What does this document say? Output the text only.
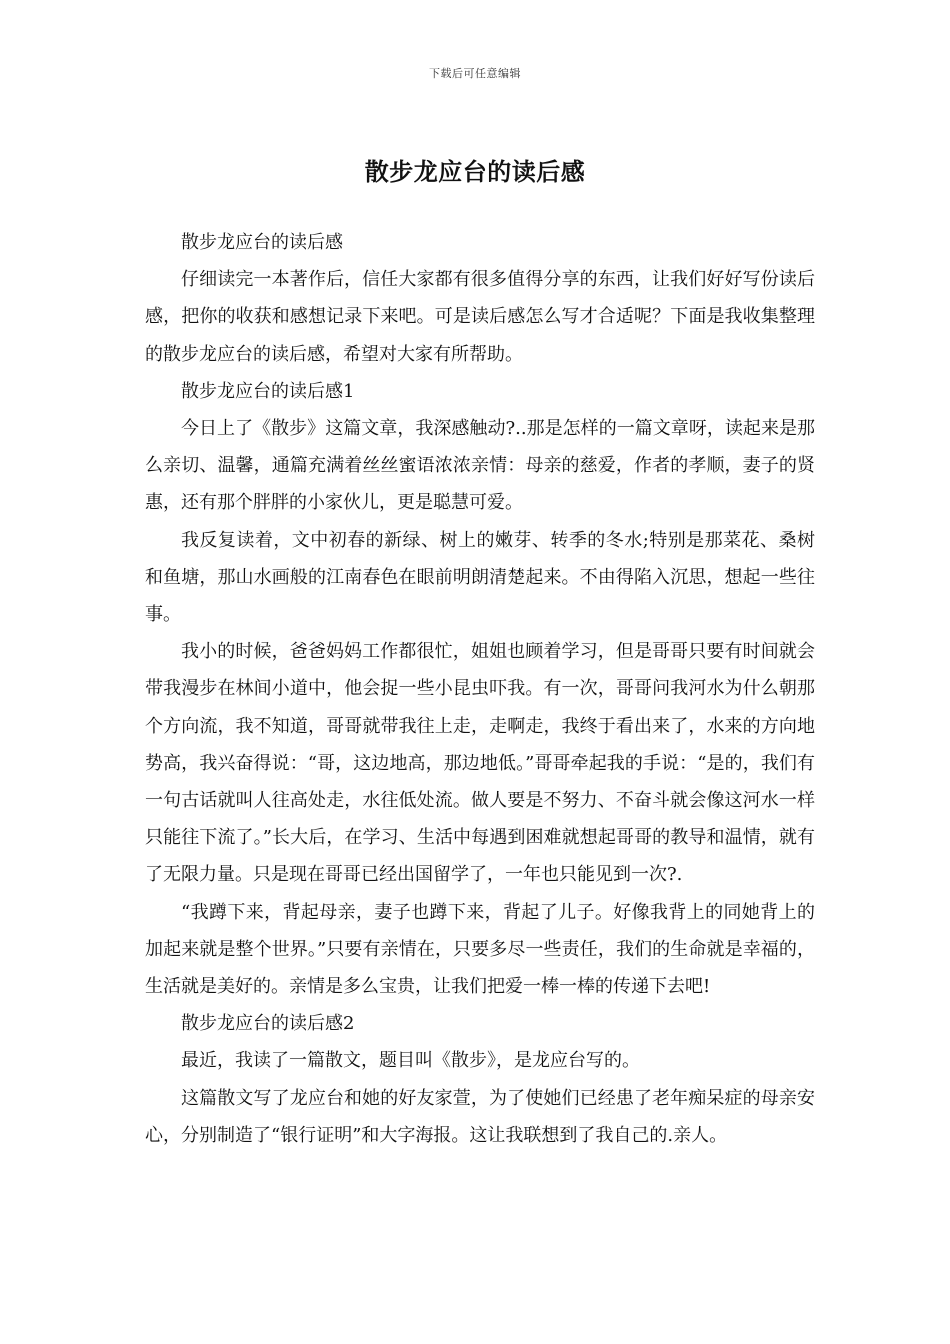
下载后可任意编辑
散步龙应台的读后感

散步龙应台的读后感

仔细读完一本著作后，信任大家都有很多值得分享的东西，让我们好好写份读后感，把你的收获和感想记录下来吧。可是读后感怎么写才合适呢？下面是我收集整理的散步龙应台的读后感，希望对大家有所帮助。

散步龙应台的读后感1

今日上了《散步》这篇文章，我深感触动?..那是怎样的一篇文章呀，读起来是那么亲切、温馨，通篇充满着丝丝蜜语浓浓亲情：母亲的慈爱，作者的孝顺，妻子的贤惠，还有那个胖胖的小家伙儿，更是聪慧可爱。

我反复读着，文中初春的新绿、树上的嫩芽、转季的冬水;特别是那菜花、桑树和鱼塘，那山水画般的江南春色在眼前明朗清楚起来。不由得陷入沉思，想起一些往事。

我小的时候，爸爸妈妈工作都很忙，姐姐也顾着学习，但是哥哥只要有时间就会带我漫步在林间小道中，他会捉一些小昆虫吓我。有一次，哥哥问我河水为什么朝那个方向流，我不知道，哥哥就带我往上走，走啊走，我终于看出来了，水来的方向地势高，我兴奋得说：“哥，这边地高，那边地低。”哥哥牵起我的手说：“是的，我们有一句古话就叫人往高处走，水往低处流。做人要是不努力、不奋斗就会像这河水一样只能往下流了。”长大后，在学习、生活中每遇到困难就想起哥哥的教导和温情，就有了无限力量。只是现在哥哥已经出国留学了，一年也只能见到一次?.

“我蹲下来，背起母亲，妻子也蹲下来，背起了儿子。好像我背上的同她背上的加起来就是整个世界。”只要有亲情在，只要多尽一些责任，我们的生命就是幸福的，生活就是美好的。亲情是多么宝贵，让我们把爱一棒一棒的传递下去吧!

散步龙应台的读后感2

最近，我读了一篇散文，题目叫《散步》，是龙应台写的。

这篇散文写了龙应台和她的好友家萱，为了使她们已经患了老年痴呆症的母亲安心，分别制造了“银行证明”和大字海报。这让我联想到了我自己的.亲人。
